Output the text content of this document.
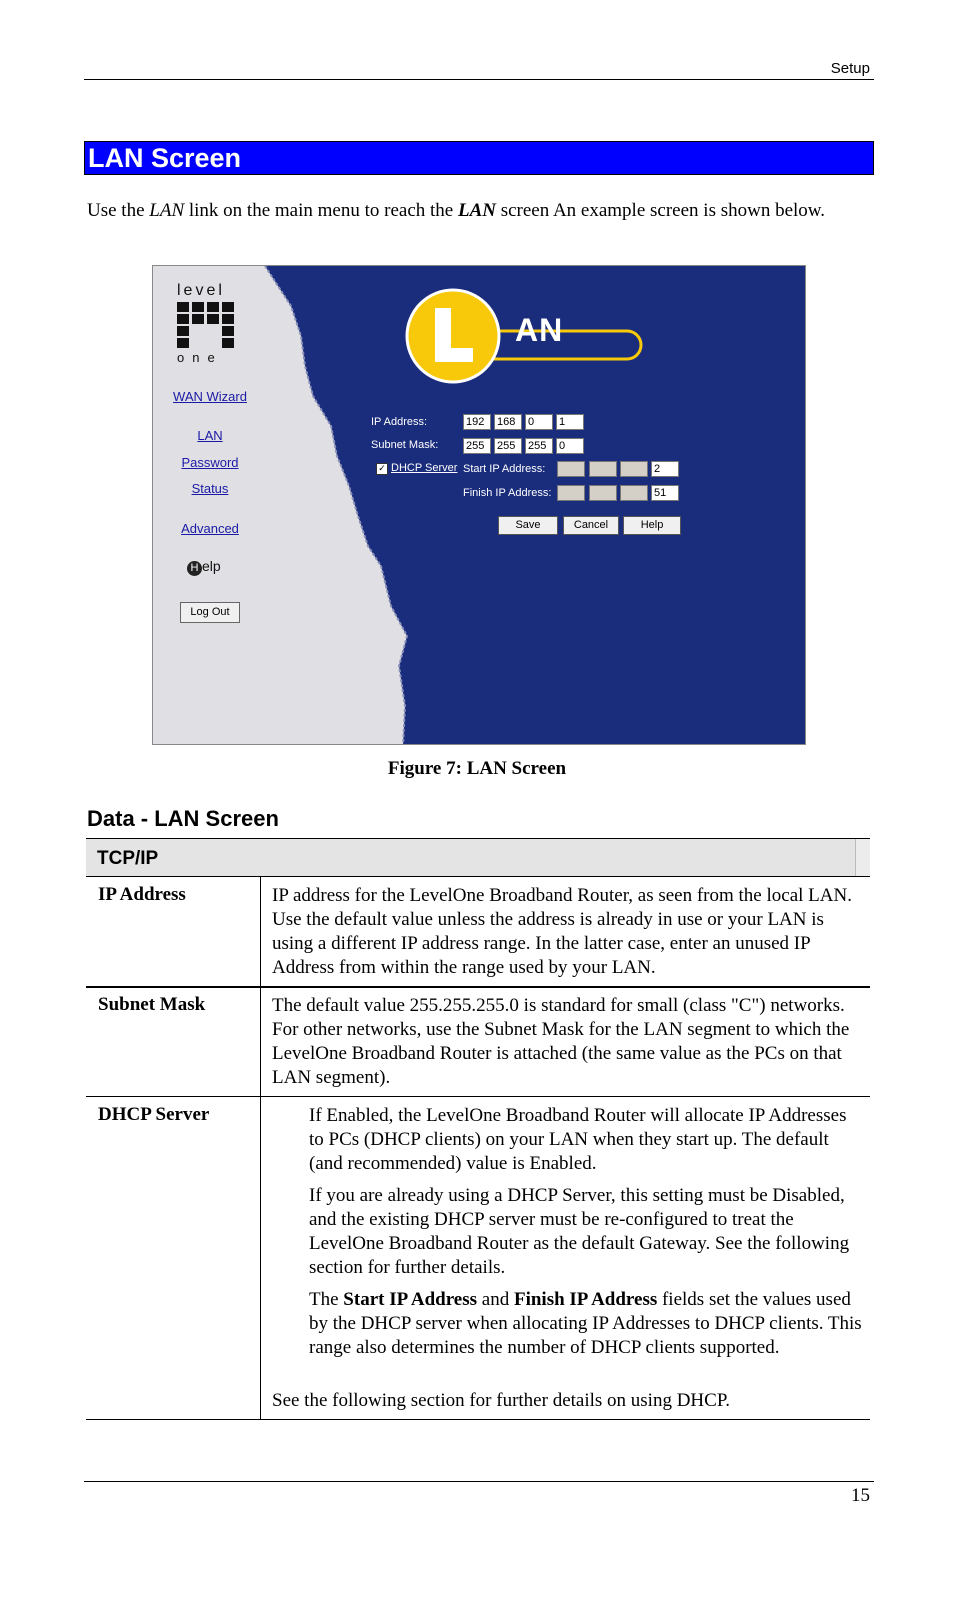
Setup
LAN Screen
Use the LAN link on the main menu to reach the LAN screen An example screen is shown below.
level
one
WAN Wizard
LAN
Password
Status
Advanced
H elp
Log Out
AN
IP Address:	192	168	0	1
Subnet Mask:	255	255	255	0
✓ DHCP Server Start IP Address:	2
Finish IP Address:	51
Save	Cancel	Help
Figure 7: LAN Screen
Data - LAN Screen
TCP/IP
IP Address	IP address for the LevelOne Broadband Router, as seen from the local LAN. Use the default value unless the address is already in use or your LAN is using a different IP address range. In the latter case, enter an unused IP Address from within the range used by your LAN.
Subnet Mask	The default value 255.255.255.0 is standard for small (class "C") networks. For other networks, use the Subnet Mask for the LAN segment to which the LevelOne Broadband Router is attached (the same value as the PCs on that LAN segment).
DHCP Server	If Enabled, the LevelOne Broadband Router will allocate IP Addresses to PCs (DHCP clients) on your LAN when they start up. The default (and recommended) value is Enabled.

If you are already using a DHCP Server, this setting must be Disabled, and the existing DHCP server must be re-configured to treat the LevelOne Broadband Router as the default Gateway. See the following section for further details.

The Start IP Address and Finish IP Address fields set the values used by the DHCP server when allocating IP Addresses to DHCP clients. This range also determines the number of DHCP clients supported.

See the following section for further details on using DHCP.
15
